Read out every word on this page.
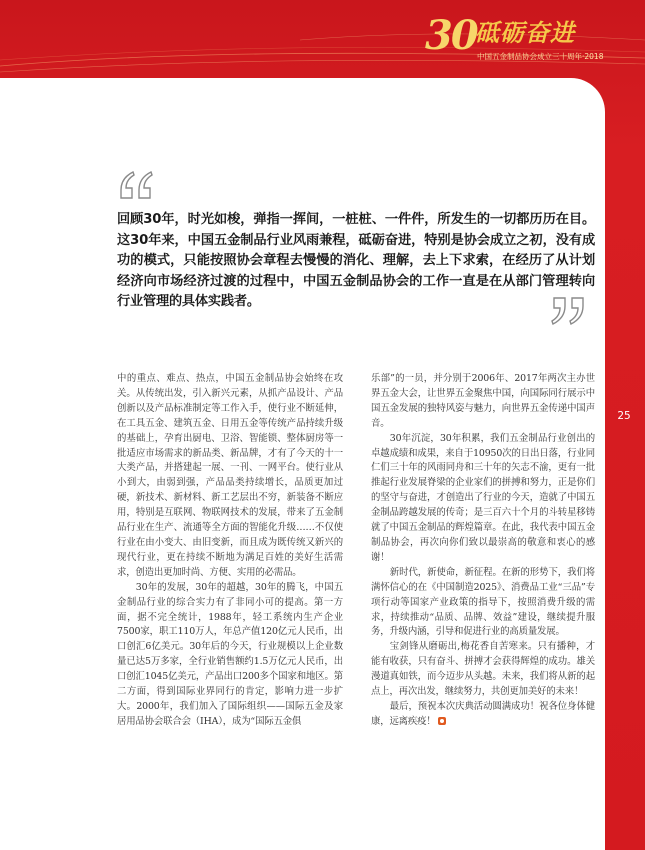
30
砥砺奋进
中国五金制品协会成立三十周年·2018
回顾30年，时光如梭，弹指一挥间，一桩桩、一件件，所发生的一切都历历在目。这30年来，中国五金制品行业风雨兼程，砥砺奋进，特别是协会成立之初，没有成功的模式，只能按照协会章程去慢慢的消化、理解，去上下求索，在经历了从计划经济向市场经济过渡的过程中，中国五金制品协会的工作一直是在从部门管理转向行业管理的具体实践者。

中的重点、难点、热点，中国五金制品协会始终在攻关。从传统出发，引入新兴元素，从抓产品设计、产品创新以及产品标准制定等工作入手，使行业不断延伸，在工具五金、建筑五金、日用五金等传统产品持续升级的基础上，孕育出厨电、卫浴、智能锁、整体厨房等一批适应市场需求的新品类、新品牌，才有了今天的十一大类产品，并搭建起一展、一刊、一网平台。使行业从小到大，由弱到强，产品品类持续增长，品质更加过硬，新技术、新材料、新工艺层出不穷，新装备不断应用，特别是互联网、物联网技术的发展，带来了五金制品行业在生产、流通等全方面的智能化升级……不仅使行业在由小变大、由旧变新，而且成为既传统又新兴的现代行业，更在持续不断地为满足百姓的美好生活需求，创造出更加时尚、方便、实用的必需品。

30年的发展，30年的超越，30年的腾飞，中国五金制品行业的综合实力有了非同小可的提高。第一方面，据不完全统计，1988年，轻工系统内生产企业7500家，职工110万人，年总产值120亿元人民币，出口创汇6亿美元。30年后的今天，行业规模以上企业数量已达5万多家，全行业销售额约1.5万亿元人民币，出口创汇1045亿美元，产品出口200多个国家和地区。第二方面，得到国际业界同行的肯定，影响力进一步扩大。2000年，我们加入了国际组织——国际五金及家居用品协会联合会（IHA），成为“国际五金俱

乐部”的一员，并分别于2006年、2017年两次主办世界五金大会，让世界五金聚焦中国，向国际同行展示中国五金发展的独特风姿与魅力，向世界五金传递中国声音。

30年沉淀，30年积累，我们五金制品行业创出的卓越成绩和成果，来自于10950次的日出日落，行业同仁们三十年的风雨同舟和三十年的矢志不渝，更有一批推起行业发展脊梁的企业家们的拼搏和努力，正是你们的坚守与奋进，才创造出了行业的今天，造就了中国五金制品跨越发展的传奇；是三百六十个月的斗转星移铸就了中国五金制品的辉煌篇章。在此，我代表中国五金制品协会，再次向你们致以最崇高的敬意和衷心的感谢！

新时代，新使命，新征程。在新的形势下，我们将满怀信心的在《中国制造2025》、消费品工业“三品”专项行动等国家产业政策的指导下，按照消费升级的需求，持续推动“品质、品牌、效益”建设，继续提升服务，升级内涵，引导和促进行业的高质量发展。

宝剑锋从磨砺出,梅花香自苦寒来。只有播种，才能有收获，只有奋斗、拼搏才会获得辉煌的成功。雄关漫道真如铁，而今迈步从头越。未来，我们将从新的起点上，再次出发，继续努力，共创更加美好的未来！

最后，预祝本次庆典活动圆满成功！祝各位身体健康，远离疾疫！

25
